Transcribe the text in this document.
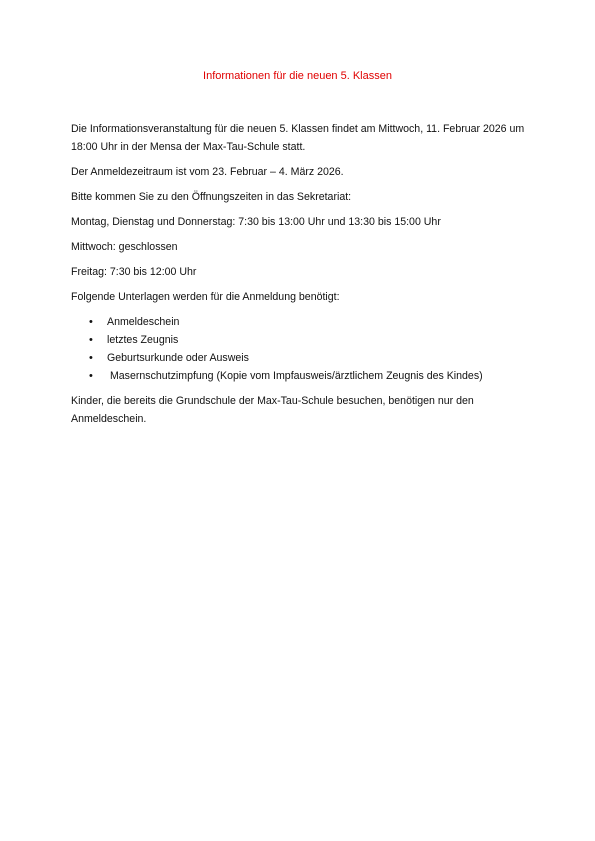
Informationen für die neuen 5. Klassen

Die Informationsveranstaltung für die neuen 5. Klassen findet am Mittwoch, 11. Februar 2026 um 18:00 Uhr in der Mensa der Max-Tau-Schule statt.

Der Anmeldezeitraum ist vom 23. Februar – 4. März 2026.

Bitte kommen Sie zu den Öffnungszeiten in das Sekretariat:

Montag, Dienstag und Donnerstag: 7:30 bis 13:00 Uhr und 13:30 bis 15:00 Uhr

Mittwoch: geschlossen

Freitag: 7:30 bis 12:00 Uhr

Folgende Unterlagen werden für die Anmeldung benötigt:

• Anmeldeschein
• letztes Zeugnis
• Geburtsurkunde oder Ausweis
• Masernschutzimpfung (Kopie vom Impfausweis/ärztlichem Zeugnis des Kindes)

Kinder, die bereits die Grundschule der Max-Tau-Schule besuchen, benötigen nur den Anmeldeschein.
